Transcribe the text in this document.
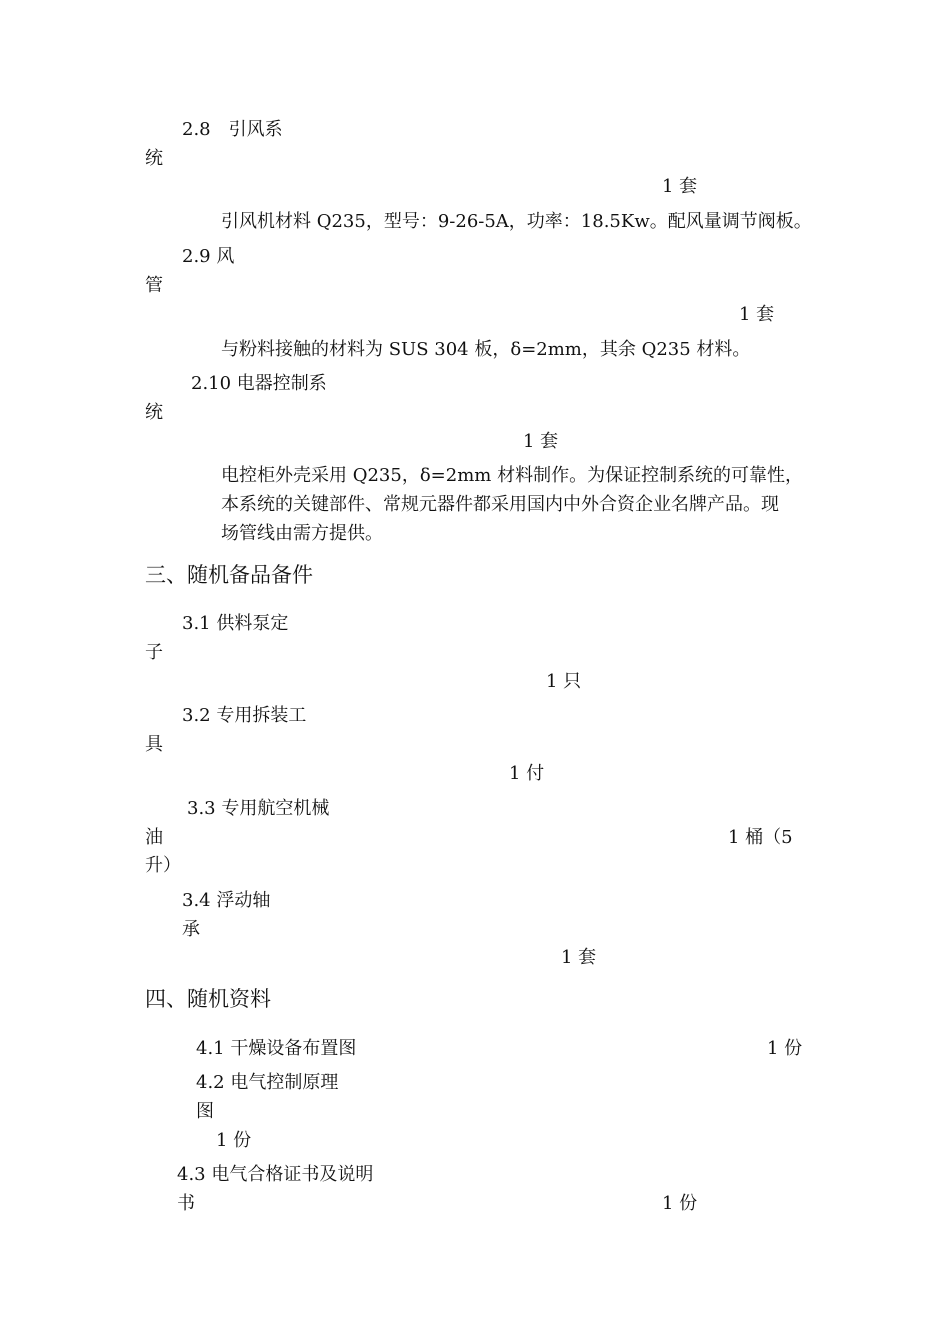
2.8　引风系
统
1 套
引风机材料 Q235，型号：9-26-5A，功率：18.5Kw。配风量调节阀板。
2.9 风
管
1 套
与粉料接触的材料为 SUS 304 板，δ=2mm，其余 Q235 材料。
2.10 电器控制系
统
1 套
电控柜外壳采用 Q235，δ=2mm 材料制作。为保证控制系统的可靠性，
本系统的关键部件、常规元器件都采用国内中外合资企业名牌产品。现
场管线由需方提供。
三、随机备品备件
3.1 供料泵定
子
1 只
3.2 专用拆装工
具
1 付
3.3 专用航空机械
油	1 桶（5
升）
3.4 浮动轴
承
1 套
四、随机资料
4.1 干燥设备布置图	1 份
4.2 电气控制原理
图
1 份
4.3 电气合格证书及说明
书	1 份
